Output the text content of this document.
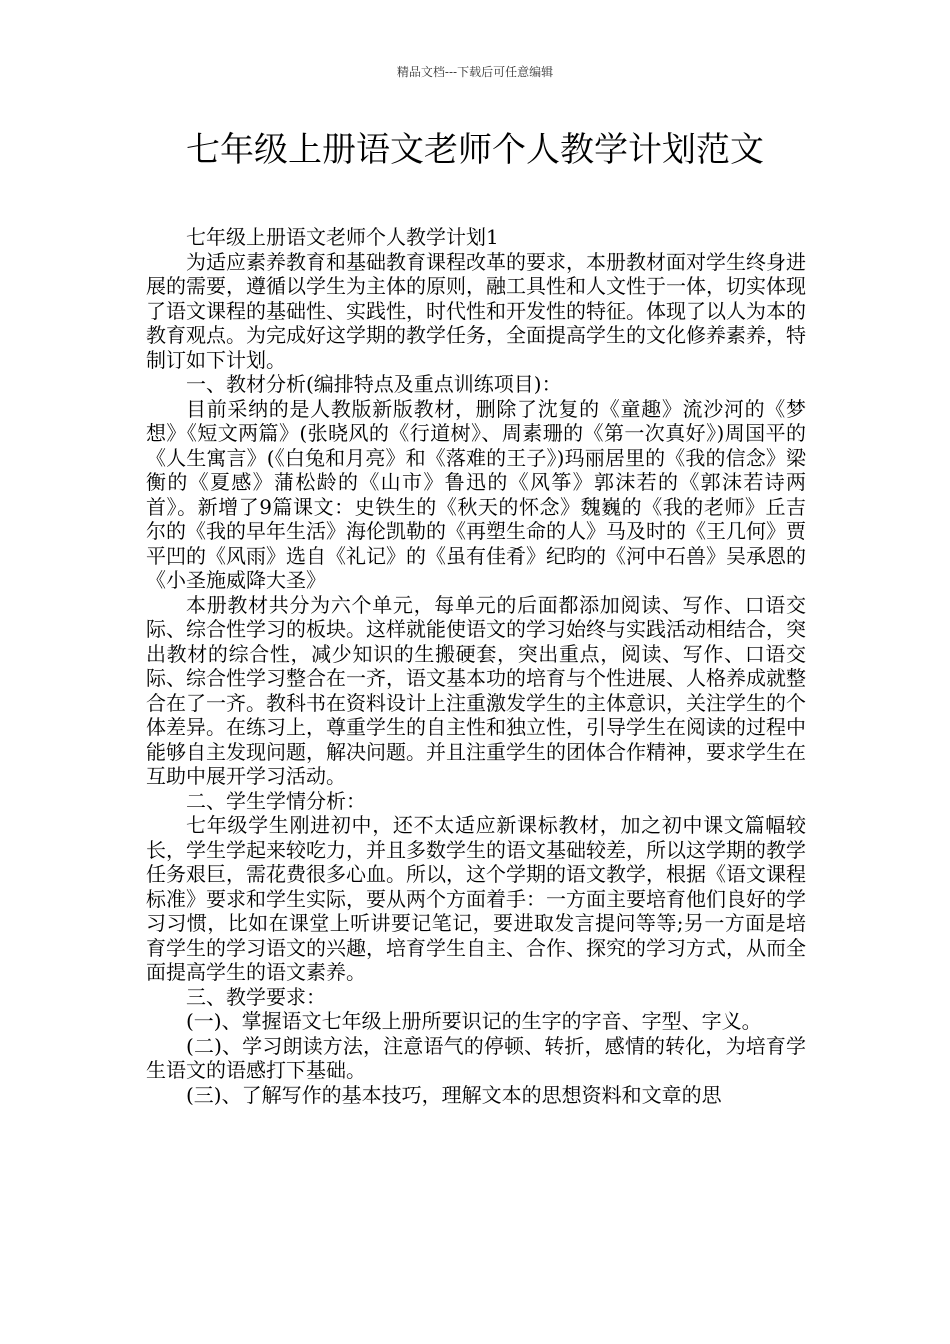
精品文档---下载后可任意编辑
七年级上册语文老师个人教学计划范文

七年级上册语文老师个人教学计划1

为适应素养教育和基础教育课程改革的要求，本册教材面对学生终身进展的需要，遵循以学生为主体的原则，融工具性和人文性于一体，切实体现了语文课程的基础性、实践性，时代性和开发性的特征。体现了以人为本的教育观点。为完成好这学期的教学任务，全面提高学生的文化修养素养，特制订如下计划。

一、教材分析(编排特点及重点训练项目)：

目前采纳的是人教版新版教材，删除了沈复的《童趣》流沙河的《梦想》《短文两篇》(张晓风的《行道树》、周素珊的《第一次真好》)周国平的《人生寓言》(《白兔和月亮》和《落难的王子》)玛丽居里的《我的信念》梁衡的《夏感》蒲松龄的《山市》鲁迅的《风筝》郭沫若的《郭沫若诗两首》。新增了9篇课文：史铁生的《秋天的怀念》魏巍的《我的老师》丘吉尔的《我的早年生活》海伦凯勒的《再塑生命的人》马及时的《王几何》贾平凹的《风雨》选自《礼记》的《虽有佳肴》纪昀的《河中石兽》吴承恩的《小圣施威降大圣》

本册教材共分为六个单元，每单元的后面都添加阅读、写作、口语交际、综合性学习的板块。这样就能使语文的学习始终与实践活动相结合，突出教材的综合性，减少知识的生搬硬套，突出重点，阅读、写作、口语交际、综合性学习整合在一齐，语文基本功的培育与个性进展、人格养成就整合在了一齐。教科书在资料设计上注重激发学生的主体意识，关注学生的个体差异。在练习上，尊重学生的自主性和独立性，引导学生在阅读的过程中能够自主发现问题，解决问题。并且注重学生的团体合作精神，要求学生在互助中展开学习活动。

二、学生学情分析：

七年级学生刚进初中，还不太适应新课标教材，加之初中课文篇幅较长，学生学起来较吃力，并且多数学生的语文基础较差，所以这学期的教学任务艰巨，需花费很多心血。所以，这个学期的语文教学，根据《语文课程标准》要求和学生实际，要从两个方面着手：一方面主要培育他们良好的学习习惯，比如在课堂上听讲要记笔记，要进取发言提问等等;另一方面是培育学生的学习语文的兴趣，培育学生自主、合作、探究的学习方式，从而全面提高学生的语文素养。

三、教学要求：

(一)、掌握语文七年级上册所要识记的生字的字音、字型、字义。

(二)、学习朗读方法，注意语气的停顿、转折，感情的转化，为培育学生语文的语感打下基础。

(三)、了解写作的基本技巧，理解文本的思想资料和文章的思
